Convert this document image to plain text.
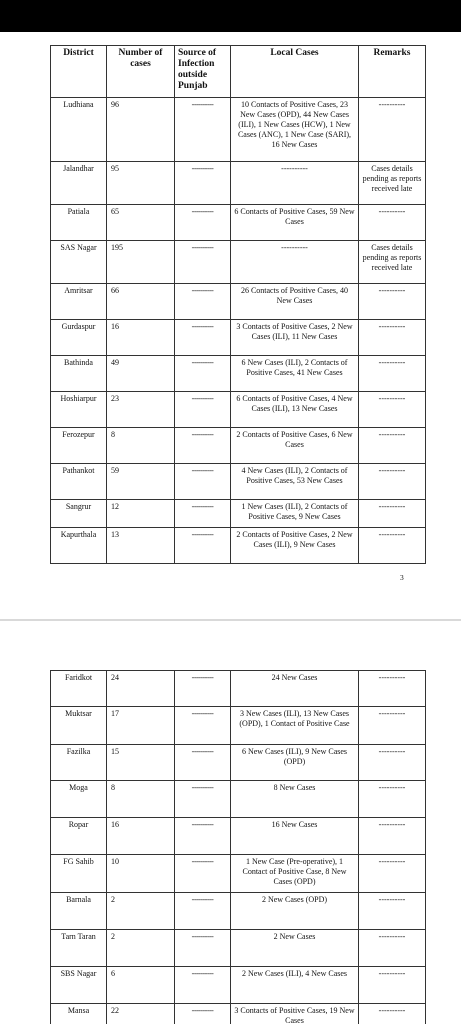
District	Number of cases	Source of Infection outside Punjab	Local Cases	Remarks
Ludhiana	96	----------	10 Contacts of Positive Cases, 23 New Cases (OPD), 44 New Cases (ILI), 1 New Cases (HCW), 1 New Cases (ANC), 1 New Case (SARI), 16 New Cases	----------
Jalandhar	95	----------	----------	Cases details pending as reports received late
Patiala	65	----------	6 Contacts of Positive Cases, 59 New Cases	----------
SAS Nagar	195	----------	----------	Cases details pending as reports received late
Amritsar	66	----------	26 Contacts of Positive Cases, 40 New Cases	----------
Gurdaspur	16	----------	3 Contacts of Positive Cases, 2 New Cases (ILI), 11 New Cases	----------
Bathinda	49	----------	6 New Cases (ILI), 2 Contacts of Positive Cases, 41 New Cases	----------
Hoshiarpur	23	----------	6 Contacts of Positive Cases, 4 New Cases (ILI), 13 New Cases	----------
Ferozepur	8	----------	2 Contacts of Positive Cases, 6 New Cases	----------
Pathankot	59	----------	4 New Cases (ILI), 2 Contacts of Positive Cases, 53 New Cases	----------
Sangrur	12	----------	1 New Cases (ILI), 2 Contacts of Positive Cases, 9 New Cases	----------
Kapurthala	13	----------	2 Contacts of Positive Cases, 2 New Cases (ILI), 9 New Cases	----------
3
Faridkot	24	----------	24 New Cases	----------
Muktsar	17	----------	3 New Cases (ILI), 13 New Cases (OPD), 1 Contact of Positive Case	----------
Fazilka	15	----------	6 New Cases (ILI), 9 New Cases (OPD)	----------
Moga	8	----------	8 New Cases	----------
Ropar	16	----------	16 New Cases	----------
FG Sahib	10	----------	1 New Case (Pre-operative), 1 Contact of Positive Case, 8 New Cases (OPD)	----------
Barnala	2	----------	2 New Cases (OPD)	----------
Tarn Taran	2	----------	2 New Cases	----------
SBS Nagar	6	----------	2 New Cases (ILI), 4 New Cases	----------
Mansa	22	----------	3 Contacts of Positive Cases, 19 New Cases	----------
